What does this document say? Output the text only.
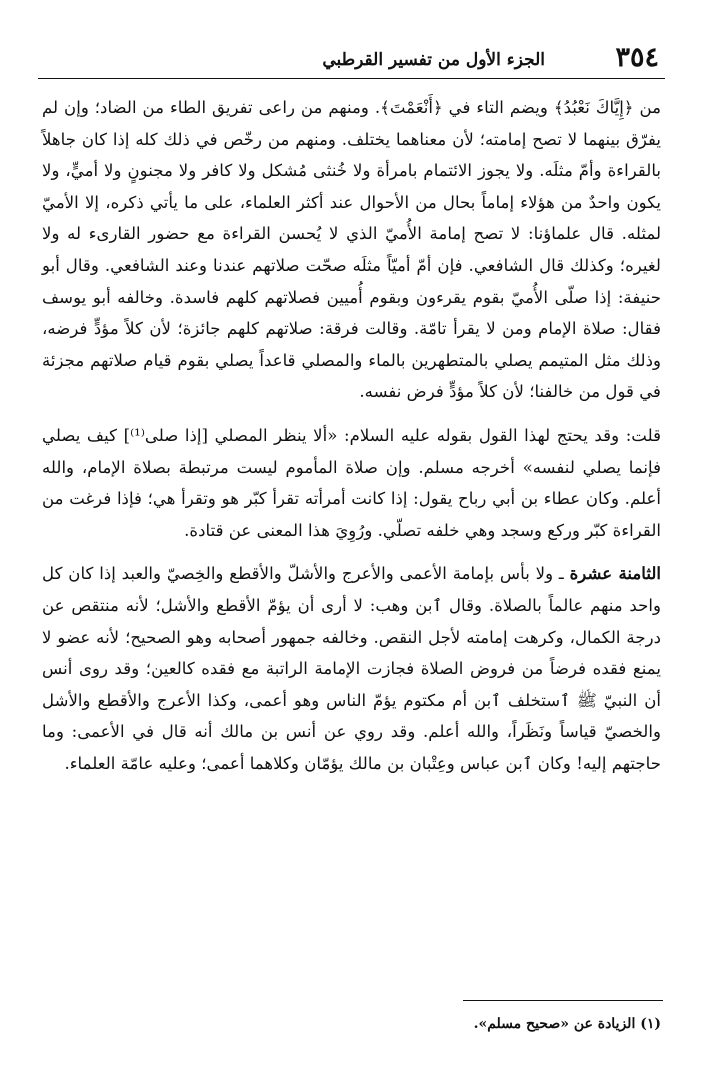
٣٥٤
الجزء الأول من تفسير القرطبي

من ﴿إِيَّاكَ نَعْبُدُ﴾ ويضم التاء في ﴿أَنْعَمْتَ﴾. ومنهم من راعى تفريق الطاء من الضاد؛ وإن لم يفرّق بينهما لا تصح إمامته؛ لأن معناهما يختلف. ومنهم من رخّص في ذلك كله إذا كان جاهلاً بالقراءة وأمّ مثلَه. ولا يجوز الائتمام بامرأة ولا خُنثى مُشكل ولا كافر ولا مجنونٍ ولا أميٍّ، ولا يكون واحدٌ من هؤلاء إماماً بحال من الأحوال عند أكثر العلماء، على ما يأتي ذكره، إلا الأميّ لمثله. قال علماؤنا: لا تصح إمامة الأُميّ الذي لا يُحسن القراءة مع حضور القارىء له ولا لغيره؛ وكذلك قال الشافعي. فإن أمّ أميّاً مثلَه صحّت صلاتهم عندنا وعند الشافعي. وقال أبو حنيفة: إذا صلّى الأُميّ بقوم يقرءون وبقوم أُميين فصلاتهم كلهم فاسدة. وخالفه أبو يوسف فقال: صلاة الإمام ومن لا يقرأ تامّة. وقالت فرقة: صلاتهم كلهم جائزة؛ لأن كلاً مؤدٍّ فرضه، وذلك مثل المتيمم يصلي بالمتطهرين بالماء والمصلي قاعداً يصلي بقوم قيام صلاتهم مجزئة في قول من خالفنا؛ لأن كلاً مؤدٍّ فرض نفسه.

قلت: وقد يحتج لهذا القول بقوله عليه السلام: «ألا ينظر المصلي [إذا صلى⁽¹⁾] كيف يصلي فإنما يصلي لنفسه» أخرجه مسلم. وإن صلاة المأموم ليست مرتبطة بصلاة الإمام، والله أعلم. وكان عطاء بن أبي رباح يقول: إذا كانت أمرأته تقرأ كبّر هو وتقرأ هي؛ فإذا فرغت من القراءة كبّر وركع وسجد وهي خلفه تصلّي. ورُوِيَ هذا المعنى عن قتادة.

الثامنة عشرة ـ ولا بأس بإمامة الأعمى والأعرج والأشلّ والأقطع والخِصيّ والعبد إذا كان كل واحد منهم عالماً بالصلاة. وقال ٱبن وهب: لا أرى أن يؤمّ الأقطع والأشل؛ لأنه منتقص عن درجة الكمال، وكرهت إمامته لأجل النقص. وخالفه جمهور أصحابه وهو الصحيح؛ لأنه عضو لا يمنع فقده فرضاً من فروض الصلاة فجازت الإمامة الراتبة مع فقده كالعين؛ وقد روى أنس أن النبيّ ﷺ ٱستخلف ٱبن أم مكتوم يؤمّ الناس وهو أعمى، وكذا الأعرج والأقطع والأشل والخصيّ قياساً ونَظَراً، والله أعلم. وقد روي عن أنس بن مالك أنه قال في الأعمى: وما حاجتهم إليه! وكان ٱبن عباس وعِتْبان بن مالك يؤمّان وكلاهما أعمى؛ وعليه عامّة العلماء.

(١) الزيادة عن «صحيح مسلم».
